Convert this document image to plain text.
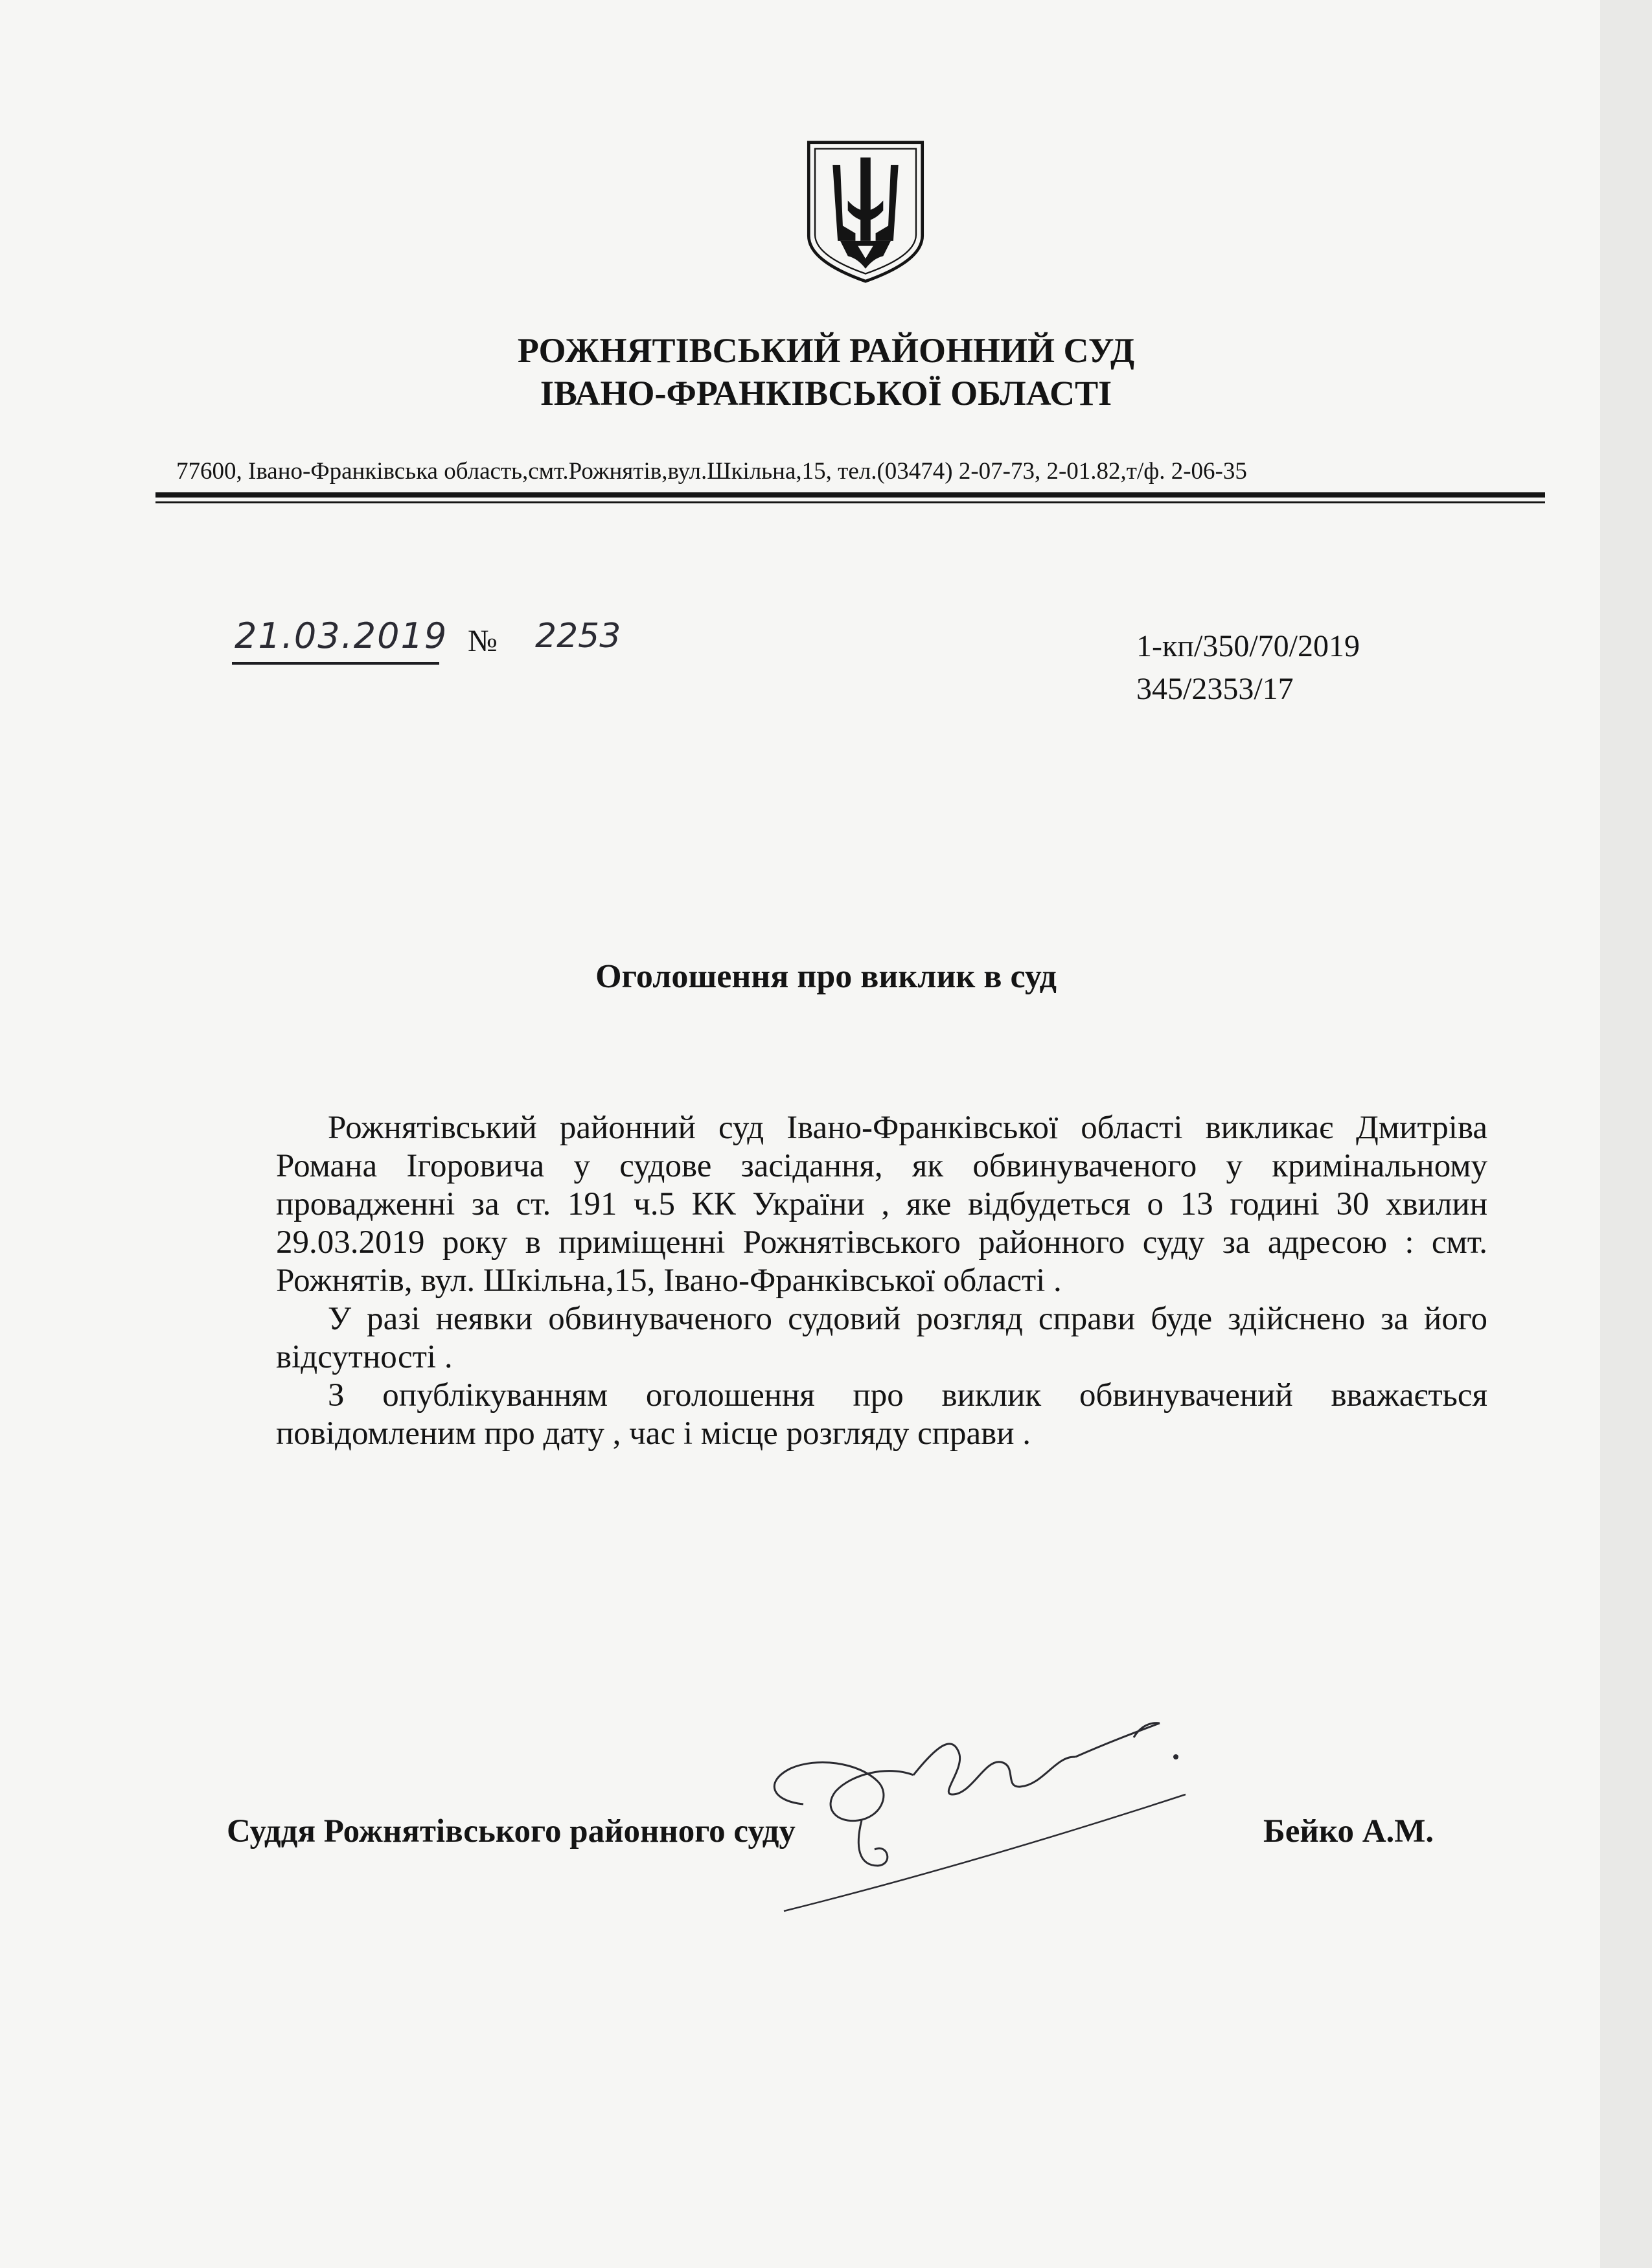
РОЖНЯТІВСЬКИЙ РАЙОННИЙ СУД
ІВАНО-ФРАНКІВСЬКОЇ ОБЛАСТІ
77600, Івано-Франківська область,смт.Рожнятів,вул.Шкільна,15, тел.(03474) 2-07-73, 2-01.82,т/ф. 2-06-35
21.03.2019 № 2253	1-кп/350/70/2019
345/2353/17
Оголошення про виклик в суд

Рожнятівський районний суд Івано-Франківської області викликає Дмитріва Романа Ігоровича у судове засідання, як обвинуваченого у кримінальному провадженні за ст. 191 ч.5 КК України , яке відбудеться о 13 годині 30 хвилин 29.03.2019 року в приміщенні Рожнятівського районного суду за адресою : смт. Рожнятів, вул. Шкільна,15, Івано-Франківської області .

У разі неявки обвинуваченого судовий розгляд справи буде здійснено за його відсутності .

З опублікуванням оголошення про виклик обвинувачений вважається повідомленим про дату , час і місце розгляду справи .

Суддя Рожнятівського районного суду	Бейко А.М.
